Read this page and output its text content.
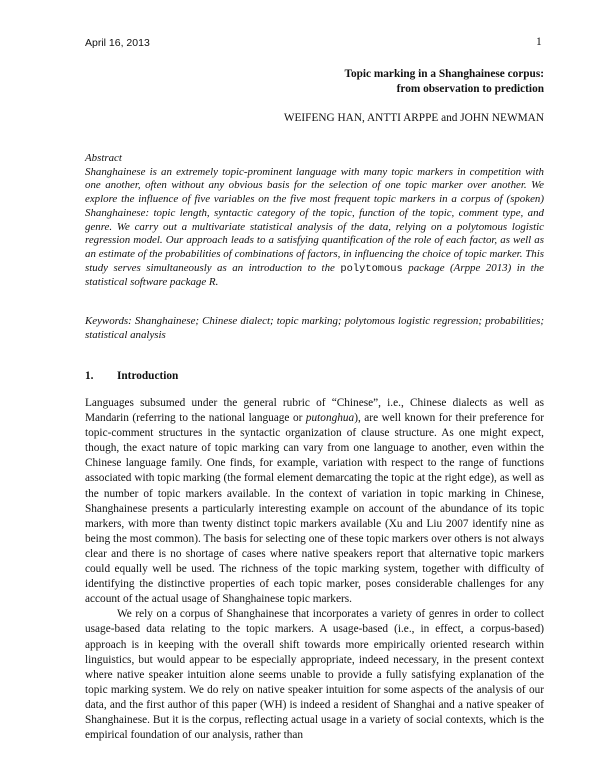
April 16, 2013	1
Topic marking in a Shanghainese corpus:
from observation to prediction
WEIFENG HAN, ANTTI ARPPE and JOHN NEWMAN
Abstract

Shanghainese is an extremely topic-prominent language with many topic markers in competition with one another, often without any obvious basis for the selection of one topic marker over another. We explore the influence of five variables on the five most frequent topic markers in a corpus of (spoken) Shanghainese: topic length, syntactic category of the topic, function of the topic, comment type, and genre. We carry out a multivariate statistical analysis of the data, relying on a polytomous logistic regression model. Our approach leads to a satisfying quantification of the role of each factor, as well as an estimate of the probabilities of combinations of factors, in influencing the choice of topic marker. This study serves simultaneously as an introduction to the polytomous package (Arppe 2013) in the statistical software package R.

Keywords: Shanghainese; Chinese dialect; topic marking; polytomous logistic regression; probabilities; statistical analysis
1. Introduction

Languages subsumed under the general rubric of “Chinese”, i.e., Chinese dialects as well as Mandarin (referring to the national language or putonghua), are well known for their preference for topic-comment structures in the syntactic organization of clause structure. As one might expect, though, the exact nature of topic marking can vary from one language to another, even within the Chinese language family. One finds, for example, variation with respect to the range of functions associated with topic marking (the formal element demarcating the topic at the right edge), as well as the number of topic markers available. In the context of variation in topic marking in Chinese, Shanghainese presents a particularly interesting example on account of the abundance of its topic markers, with more than twenty distinct topic markers available (Xu and Liu 2007 identify nine as being the most common). The basis for selecting one of these topic markers over others is not always clear and there is no shortage of cases where native speakers report that alternative topic markers could equally well be used. The richness of the topic marking system, together with difficulty of identifying the distinctive properties of each topic marker, poses considerable challenges for any account of the actual usage of Shanghainese topic markers.

We rely on a corpus of Shanghainese that incorporates a variety of genres in order to collect usage-based data relating to the topic markers. A usage-based (i.e., in effect, a corpus-based) approach is in keeping with the overall shift towards more empirically oriented research within linguistics, but would appear to be especially appropriate, indeed necessary, in the present context where native speaker intuition alone seems unable to provide a fully satisfying explanation of the topic marking system. We do rely on native speaker intuition for some aspects of the analysis of our data, and the first author of this paper (WH) is indeed a resident of Shanghai and a native speaker of Shanghainese. But it is the corpus, reflecting actual usage in a variety of social contexts, which is the empirical foundation of our analysis, rather than
